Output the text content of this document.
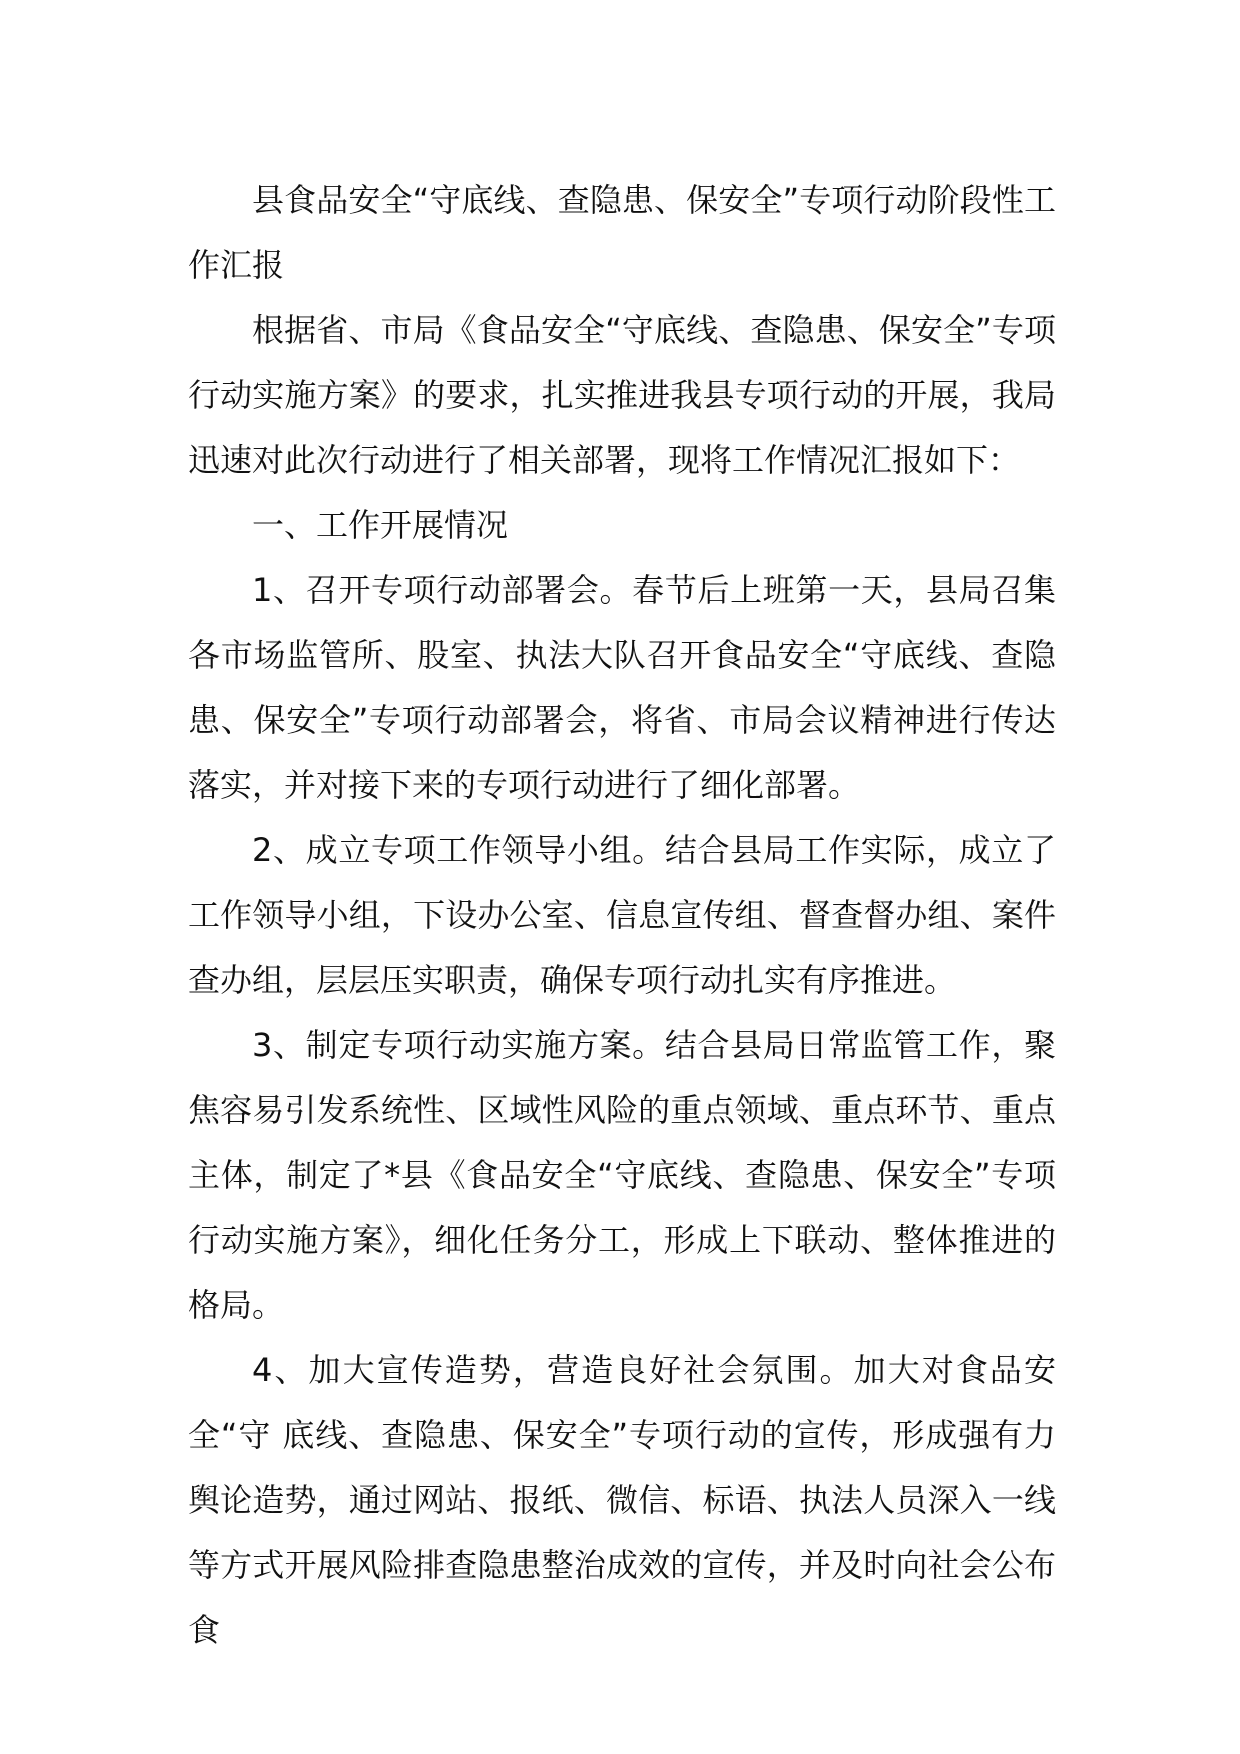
县食品安全“守底线、查隐患、保安全”专项行动阶段性工作汇报

根据省、市局《食品安全“守底线、查隐患、保安全”专项行动实施方案》的要求，扎实推进我县专项行动的开展，我局迅速对此次行动进行了相关部署，现将工作情况汇报如下：

一、工作开展情况

1、召开专项行动部署会。春节后上班第一天，县局召集各市场监管所、股室、执法大队召开食品安全“守底线、查隐患、保安全”专项行动部署会，将省、市局会议精神进行传达落实，并对接下来的专项行动进行了细化部署。

2、成立专项工作领导小组。结合县局工作实际，成立了工作领导小组，下设办公室、信息宣传组、督查督办组、案件查办组，层层压实职责，确保专项行动扎实有序推进。

3、制定专项行动实施方案。结合县局日常监管工作，聚焦容易引发系统性、区域性风险的重点领域、重点环节、重点主体，制定了*县《食品安全“守底线、查隐患、保安全”专项行动实施方案》，细化任务分工，形成上下联动、整体推进的格局。

4、加大宣传造势，营造良好社会氛围。加大对食品安全“守 底线、查隐患、保安全”专项行动的宣传，形成强有力舆论造势，通过网站、报纸、微信、标语、执法人员深入一线等方式开展风险排查隐患整治成效的宣传，并及时向社会公布食
